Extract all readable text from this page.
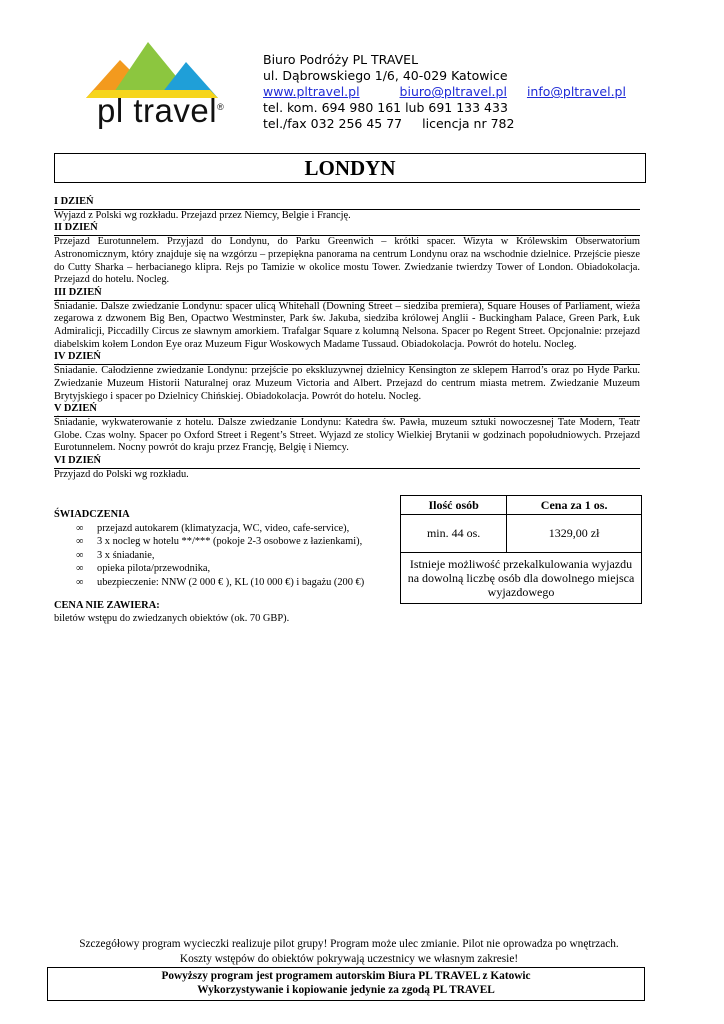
pl travel®
Biuro Podróży PL TRAVEL
ul. Dąbrowskiego 1/6, 40-029 Katowice
www.pltravel.pl	biuro@pltravel.pl info@pltravel.pl
tel. kom. 694 980 161 lub 691 133 433
tel./fax 032 256 45 77 licencja nr 782
LONDYN
I DZIEŃ
Wyjazd z Polski wg rozkładu. Przejazd przez Niemcy, Belgie i Francję.
II DZIEŃ
Przejazd Eurotunnelem. Przyjazd do Londynu, do Parku Greenwich – krótki spacer. Wizyta w Królewskim Obserwatorium Astronomicznym, który znajduje się na wzgórzu – przepiękna panorama na centrum Londynu oraz na wschodnie dzielnice. Przejście piesze do Cutty Sharka – herbacianego klipra. Rejs po Tamizie w okolice mostu Tower. Zwiedzanie twierdzy Tower of London. Obiadokolacja. Przejazd do hotelu. Nocleg.
III DZIEŃ
Śniadanie. Dalsze zwiedzanie Londynu: spacer ulicą Whitehall (Downing Street – siedziba premiera), Square Houses of Parliament, wieża zegarowa z dzwonem Big Ben, Opactwo Westminster, Park św. Jakuba, siedziba królowej Anglii - Buckingham Palace, Green Park, Łuk Admiralicji, Piccadilly Circus ze sławnym amorkiem. Trafalgar Square z kolumną Nelsona. Spacer po Regent Street. Opcjonalnie: przejazd diabelskim kołem London Eye oraz Muzeum Figur Woskowych Madame Tussaud. Obiadokolacja. Powrót do hotelu. Nocleg.
IV DZIEŃ
Śniadanie. Całodzienne zwiedzanie Londynu: przejście po ekskluzywnej dzielnicy Kensington ze sklepem Harrod’s oraz po Hyde Parku. Zwiedzanie Muzeum Historii Naturalnej oraz Muzeum Victoria and Albert. Przejazd do centrum miasta metrem. Zwiedzanie Muzeum Brytyjskiego i spacer po Dzielnicy Chińskiej. Obiadokolacja. Powrót do hotelu. Nocleg.
V DZIEŃ
Śniadanie, wykwaterowanie z hotelu. Dalsze zwiedzanie Londynu: Katedra św. Pawła, muzeum sztuki nowoczesnej Tate Modern, Teatr Globe. Czas wolny. Spacer po Oxford Street i Regent’s Street. Wyjazd ze stolicy Wielkiej Brytanii w godzinach popołudniowych. Przejazd Eurotunnelem. Nocny powrót do kraju przez Francję, Belgię i Niemcy.
VI DZIEŃ
Przyjazd do Polski wg rozkładu.
ŚWIADCZENIA
∞ przejazd autokarem (klimatyzacja, WC, video, cafe-service),
∞ 3 x nocleg w hotelu **/*** (pokoje 2-3 osobowe z łazienkami),
∞ 3 x śniadanie,
∞ opieka pilota/przewodnika,
∞ ubezpieczenie: NNW (2 000 € ), KL (10 000 €) i bagażu (200 €)
CENA NIE ZAWIERA:
biletów wstępu do zwiedzanych obiektów (ok. 70 GBP).
Ilość osób	Cena za 1 os.
min. 44 os.	1329,00 zł
Istnieje możliwość przekalkulowania wyjazdu na dowolną liczbę osób dla dowolnego miejsca wyjazdowego	
Szczegółowy program wycieczki realizuje pilot grupy! Program może ulec zmianie. Pilot nie oprowadza po wnętrzach.
Koszty wstępów do obiektów pokrywają uczestnicy we własnym zakresie!
Powyższy program jest programem autorskim Biura PL TRAVEL z Katowic
Wykorzystywanie i kopiowanie jedynie za zgodą PL TRAVEL
